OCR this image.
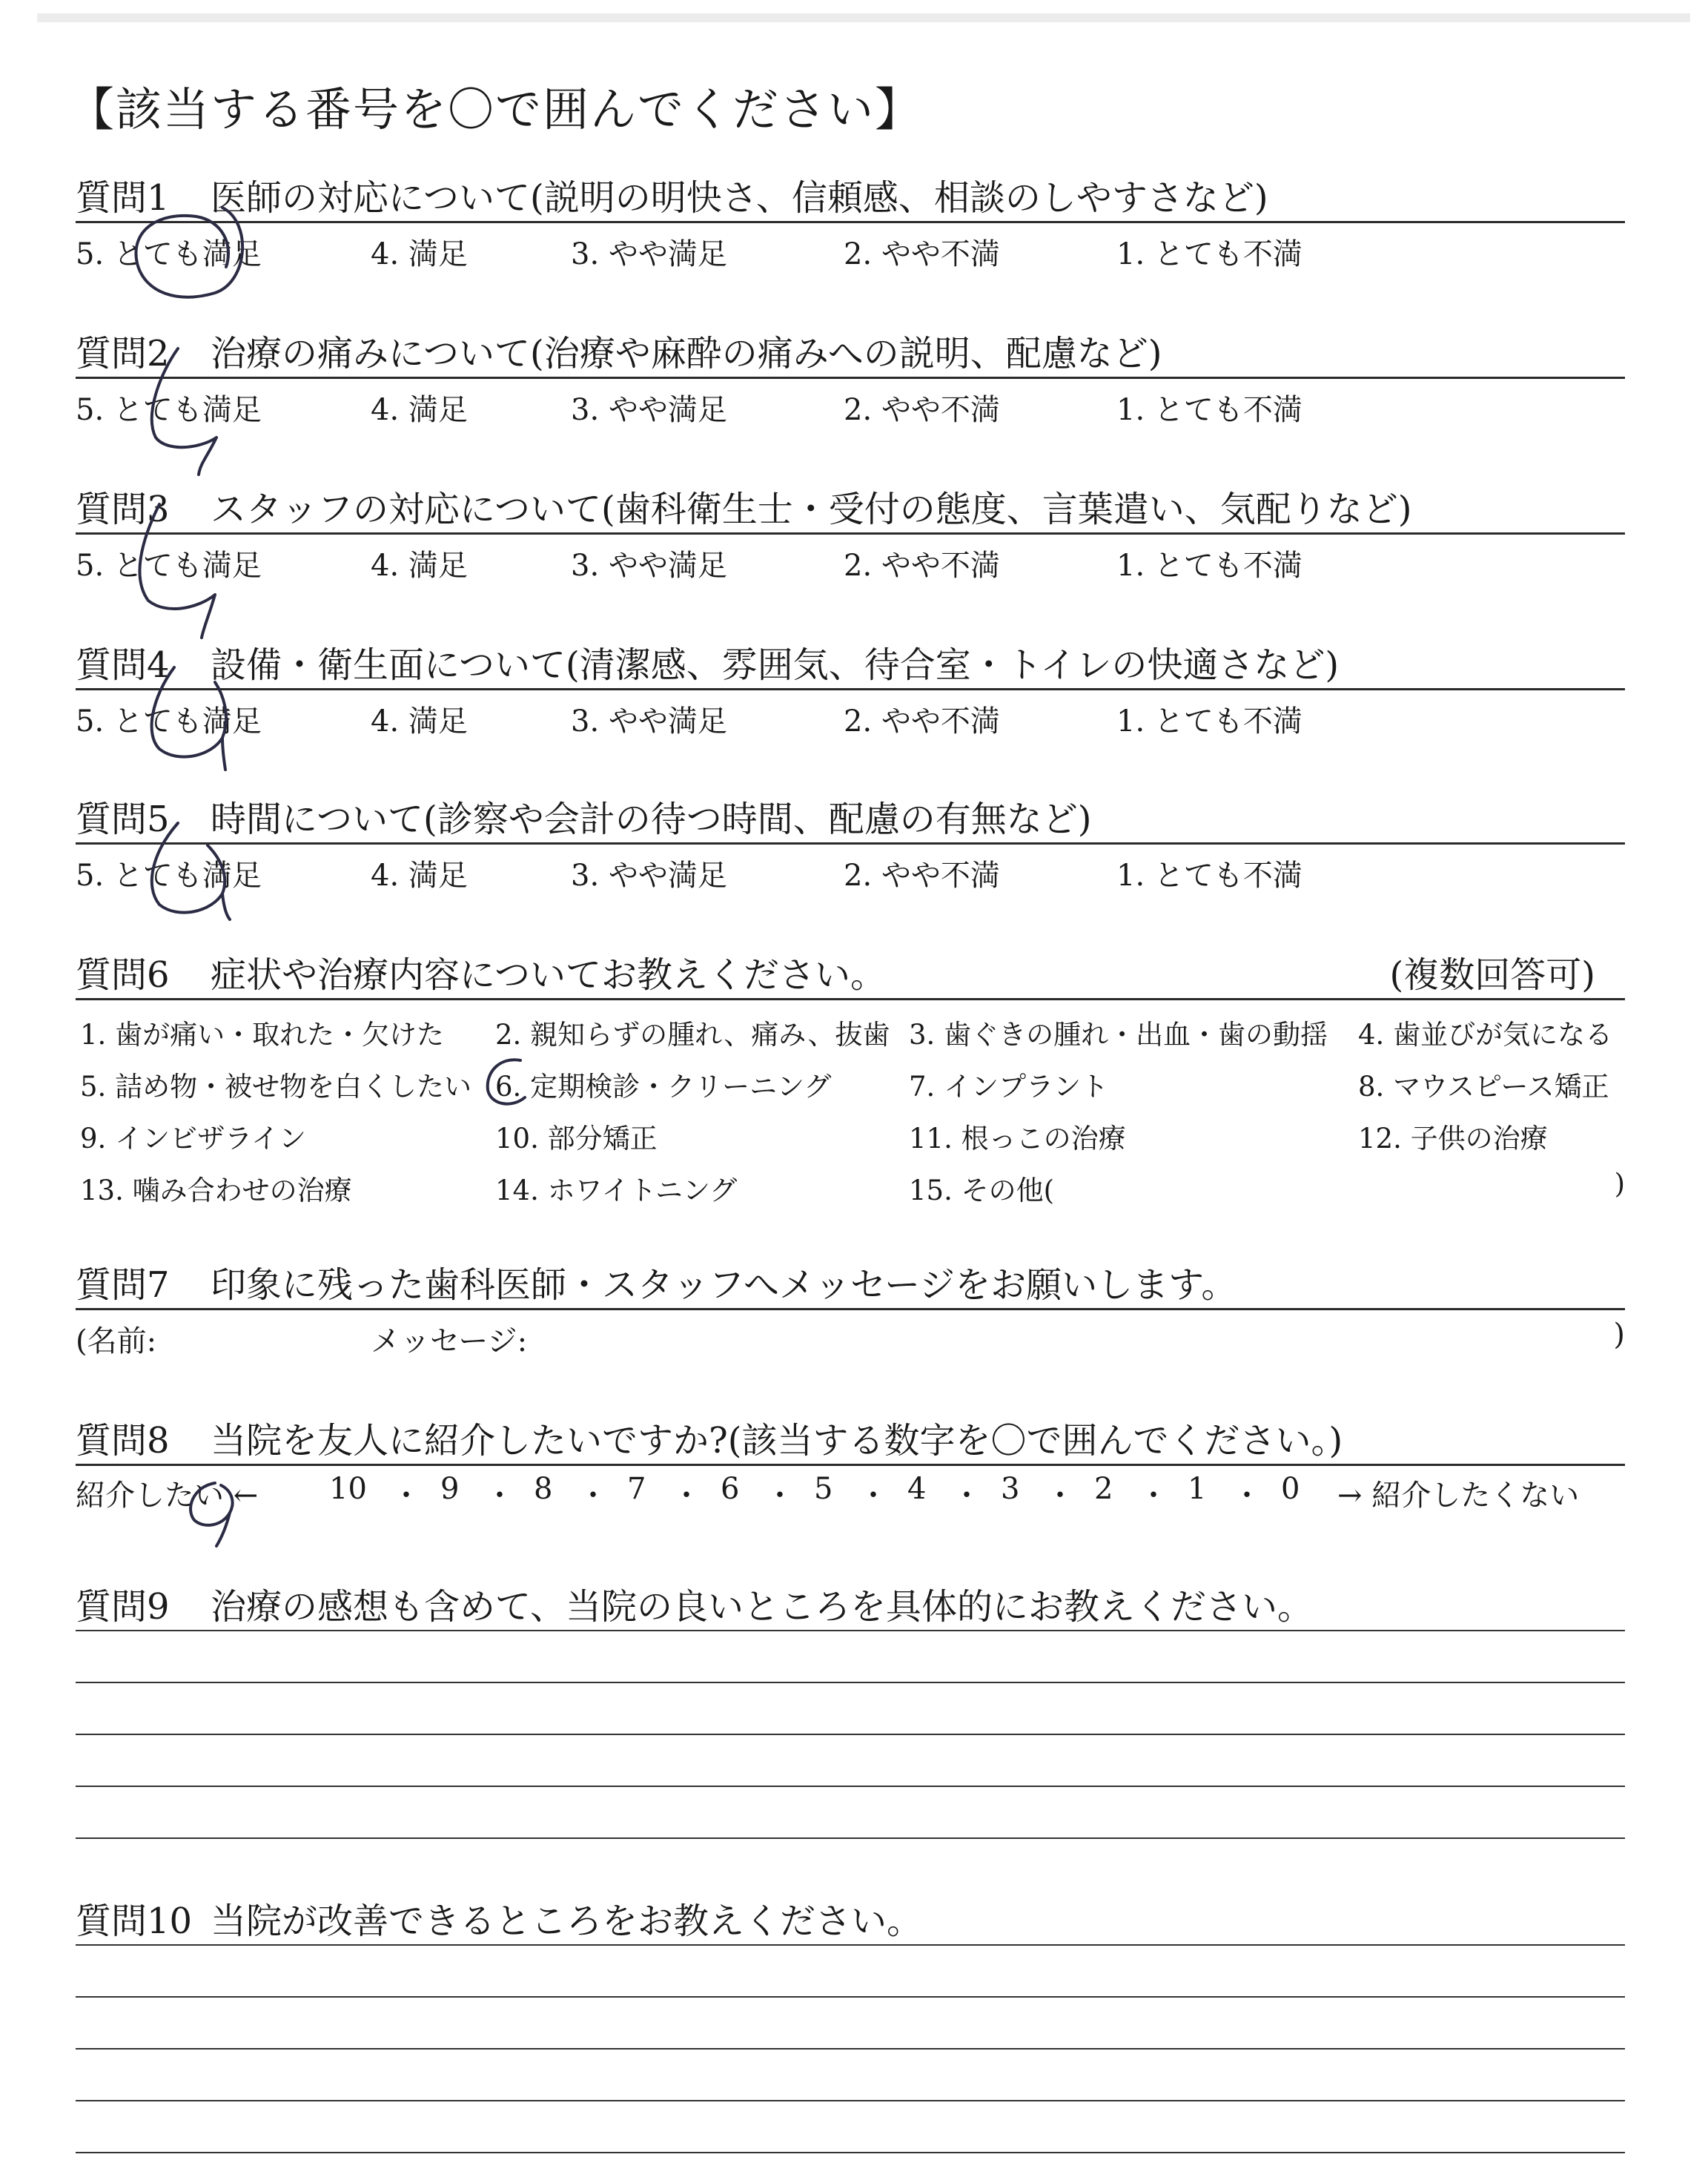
【該当する番号を〇で囲んでください】
質問1 医師の対応について(説明の明快さ、信頼感、相談のしやすさなど)
5. とても満足	4. 満足	3. やや満足	2. やや不満	1. とても不満
質問2 治療の痛みについて(治療や麻酔の痛みへの説明、配慮など)
5. とても満足	4. 満足	3. やや満足	2. やや不満	1. とても不満
質問3 スタッフの対応について(歯科衛生士・受付の態度、言葉遣い、気配りなど)
5. とても満足	4. 満足	3. やや満足	2. やや不満	1. とても不満
質問4 設備・衛生面について(清潔感、雰囲気、待合室・トイレの快適さなど)
5. とても満足	4. 満足	3. やや満足	2. やや不満	1. とても不満
質問5 時間について(診察や会計の待つ時間、配慮の有無など)
5. とても満足	4. 満足	3. やや満足	2. やや不満	1. とても不満
質問6 症状や治療内容についてお教えください。	(複数回答可)
1. 歯が痛い・取れた・欠けた 2. 親知らずの腫れ、痛み、抜歯 3. 歯ぐきの腫れ・出血・歯の動揺 4. 歯並びが気になる
5. 詰め物・被せ物を白くしたい 6. 定期検診・クリーニング	7. インプラント	8. マウスピース矯正
9. インビザライン	10. 部分矯正	11. 根っこの治療	12. 子供の治療
13. 噛み合わせの治療	14. ホワイトニング	15. その他(	)
質問7 印象に残った歯科医師・スタッフへメッセージをお願いします。
(名前:	メッセージ:	)
質問8 当院を友人に紹介したいですか?(該当する数字を〇で囲んでください。)
紹介したい ← 10 ・ 9 ・ 8 ・ 7 ・ 6 ・ 5 ・ 4 ・ 3 ・ 2 ・ 1 ・ 0 → 紹介したくない
質問9 治療の感想も含めて、当院の良いところを具体的にお教えください。
質問10 当院が改善できるところをお教えください。
